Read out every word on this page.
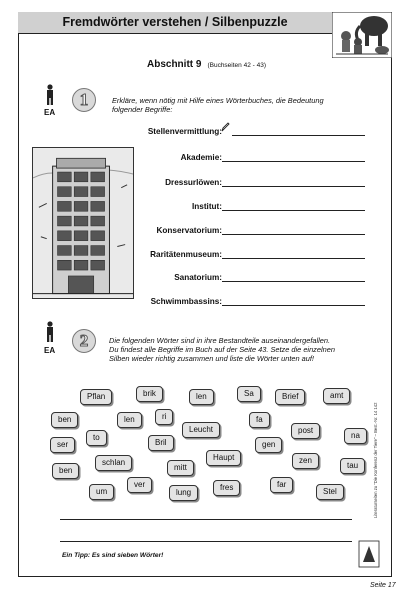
Fremdwörter verstehen / Silbenpuzzle
Abschnitt 9 (Buchseiten 42 - 43)
EA
1	Erkläre, wenn nötig mit Hilfe eines Wörterbuches, die Bedeutung
folgender Begriffe:
Stellenvermittlung:
Akademie:
Dressurlöwen:
Institut:
Konservatorium:
Raritätenmuseum:
Sanatorium:
Schwimmbassins:
EA
2	Die folgenden Wörter sind in ihre Bestandteile auseinandergefallen.
Du findest alle Begriffe im Buch auf der Seite 43. Setze die einzelnen
Silben wieder richtig zusammen und liste die Wörter unten auf!
Pflan	brik	len	Sa	Brief	amt
ben	len	ri	fa
to
Leucht	post
na
ser	Bril	gen
Haupt
schlan
mitt
zen
tau
ben
ver	far
um	lung
fres	Stel
Ein Tipp: Es sind sieben Wörter!
Literaturseiten zu "Die Konferenz der Tiere" – Best.-Nr. 14 142
Seite 17
